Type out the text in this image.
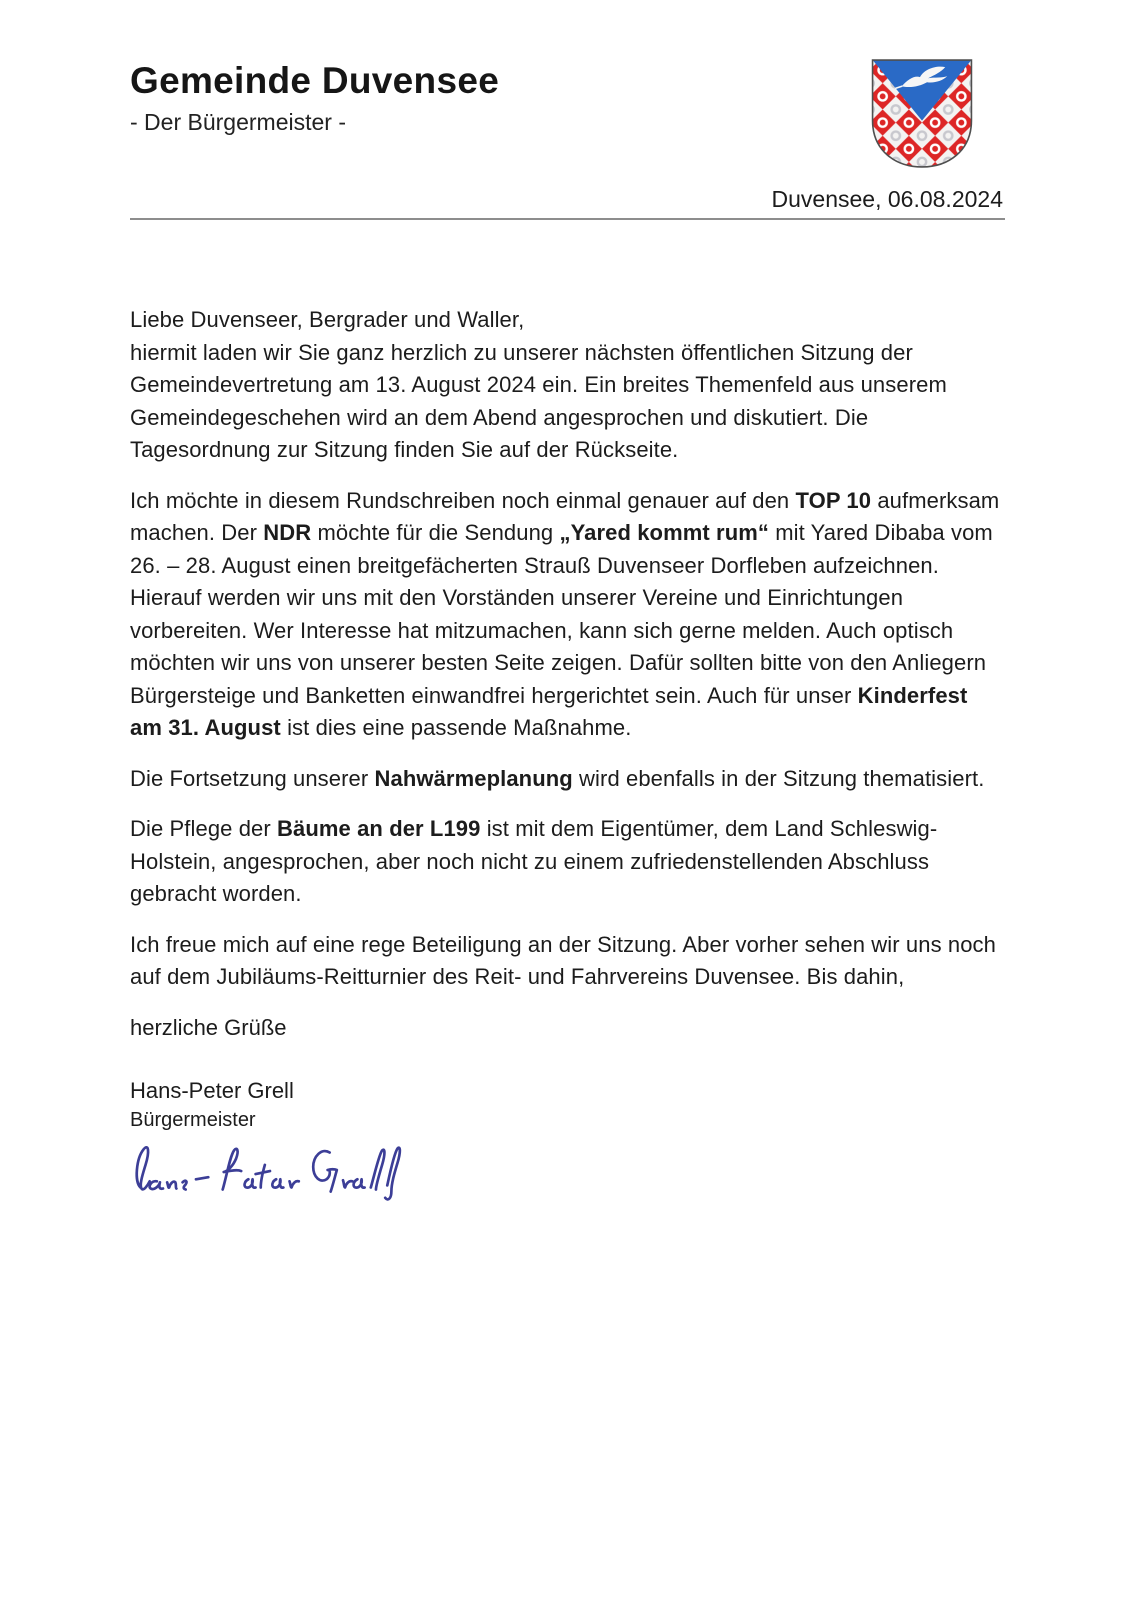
Gemeinde Duvensee
- Der Bürgermeister -
Duvensee, 06.08.2024

Liebe Duvenseer, Bergrader und Waller,

hiermit laden wir Sie ganz herzlich zu unserer nächsten öffentlichen Sitzung der Gemeindevertretung am 13. August 2024 ein. Ein breites Themenfeld aus unserem Gemeindegeschehen wird an dem Abend angesprochen und diskutiert. Die Tagesordnung zur Sitzung finden Sie auf der Rückseite.

Ich möchte in diesem Rundschreiben noch einmal genauer auf den TOP 10 aufmerksam machen. Der NDR möchte für die Sendung „Yared kommt rum“ mit Yared Dibaba vom 26. – 28. August einen breitgefächerten Strauß Duvenseer Dorfleben aufzeichnen. Hierauf werden wir uns mit den Vorständen unserer Vereine und Einrichtungen vorbereiten. Wer Interesse hat mitzumachen, kann sich gerne melden. Auch optisch möchten wir uns von unserer besten Seite zeigen. Dafür sollten bitte von den Anliegern Bürgersteige und Banketten einwandfrei hergerichtet sein. Auch für unser Kinderfest am 31. August ist dies eine passende Maßnahme.

Die Fortsetzung unserer Nahwärmeplanung wird ebenfalls in der Sitzung thematisiert.

Die Pflege der Bäume an der L199 ist mit dem Eigentümer, dem Land Schleswig-Holstein, angesprochen, aber noch nicht zu einem zufriedenstellenden Abschluss gebracht worden.

Ich freue mich auf eine rege Beteiligung an der Sitzung. Aber vorher sehen wir uns noch auf dem Jubiläums-Reitturnier des Reit- und Fahrvereins Duvensee. Bis dahin,

herzliche Grüße

Hans-Peter Grell

Bürgermeister
